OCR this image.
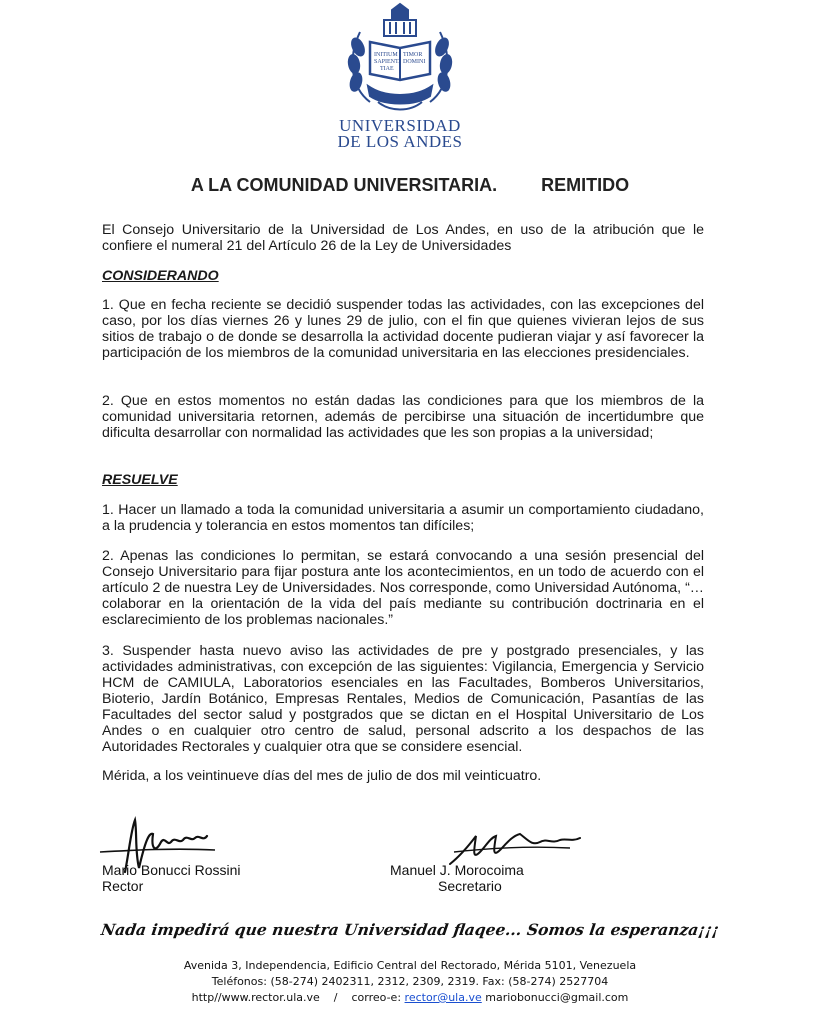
INITIUM
SAPIENT.
TIAE
TIMOR
DOMINI
UNIVERSIDAD
DE LOS ANDES
A LA COMUNIDAD UNIVERSITARIA. REMITIDO
El Consejo Universitario de la Universidad de Los Andes, en uso de la atribución que le confiere el numeral 21 del Artículo 26 de la Ley de Universidades
CONSIDERANDO
1. Que en fecha reciente se decidió suspender todas las actividades, con las excepciones del caso, por los días viernes 26 y lunes 29 de julio, con el fin que quienes vivieran lejos de sus sitios de trabajo o de donde se desarrolla la actividad docente pudieran viajar y así favorecer la participación de los miembros de la comunidad universitaria en las elecciones presidenciales.
2. Que en estos momentos no están dadas las condiciones para que los miembros de la comunidad universitaria retornen, además de percibirse una situación de incertidumbre que dificulta desarrollar con normalidad las actividades que les son propias a la universidad;
RESUELVE
1. Hacer un llamado a toda la comunidad universitaria a asumir un comportamiento ciudadano, a la prudencia y tolerancia en estos momentos tan difíciles;
2. Apenas las condiciones lo permitan, se estará convocando a una sesión presencial del Consejo Universitario para fijar postura ante los acontecimientos, en un todo de acuerdo con el artículo 2 de nuestra Ley de Universidades. Nos corresponde, como Universidad Autónoma, “… colaborar en la orientación de la vida del país mediante su contribución doctrinaria en el esclarecimiento de los problemas nacionales.”
3. Suspender hasta nuevo aviso las actividades de pre y postgrado presenciales, y las actividades administrativas, con excepción de las siguientes: Vigilancia, Emergencia y Servicio HCM de CAMIULA, Laboratorios esenciales en las Facultades, Bomberos Universitarios, Bioterio, Jardín Botánico, Empresas Rentales, Medios de Comunicación, Pasantías de las Facultades del sector salud y postgrados que se dictan en el Hospital Universitario de Los Andes o en cualquier otro centro de salud, personal adscrito a los despachos de las Autoridades Rectorales y cualquier otra que se considere esencial.
Mérida, a los veintinueve días del mes de julio de dos mil veinticuatro.
Mario Bonucci Rossini
Rector
Manuel J. Morocoima
Secretario
Nada impedirá que nuestra Universidad flaqee... Somos la esperanza¡¡¡
Avenida 3, Independencia, Edificio Central del Rectorado, Mérida 5101, Venezuela
Teléfonos: (58-274) 2402311, 2312, 2309, 2319. Fax: (58-274) 2527704
http//www.rector.ula.ve / correo-e: rector@ula.ve mariobonucci@gmail.com
